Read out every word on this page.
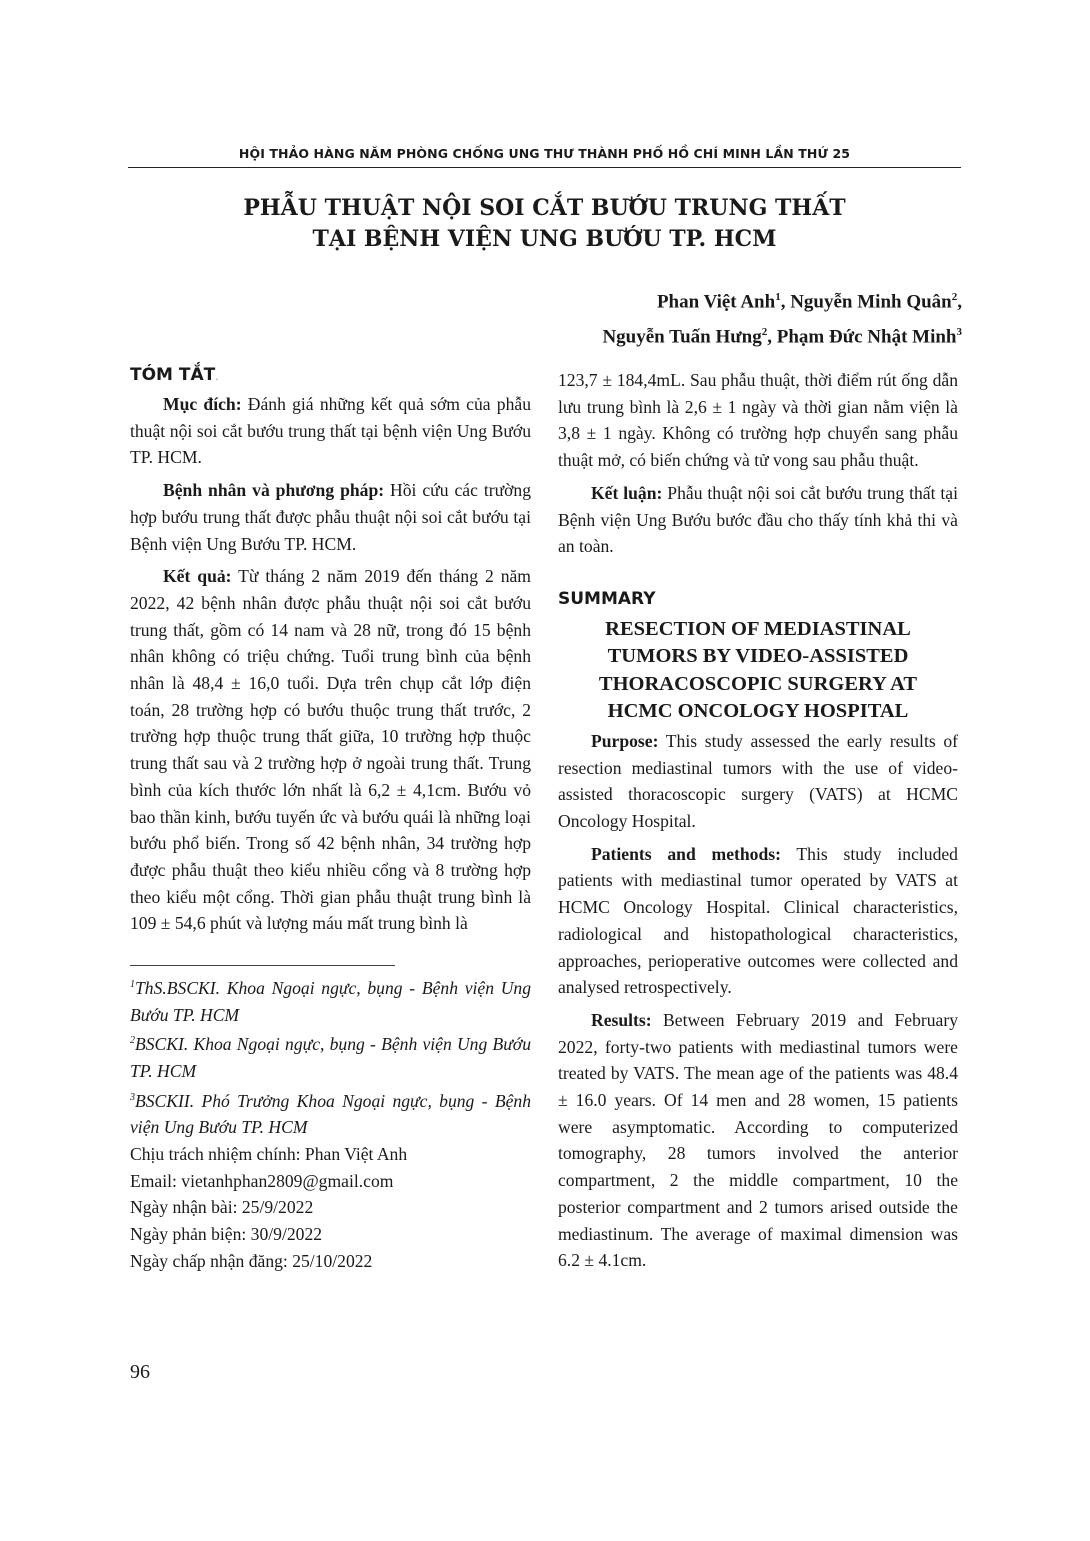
HỘI THẢO HÀNG NĂM PHÒNG CHỐNG UNG THƯ THÀNH PHỐ HỒ CHÍ MINH LẦN THỨ 25
PHẪU THUẬT NỘI SOI CẮT BƯỚU TRUNG THẤT
TẠI BỆNH VIỆN UNG BƯỚU TP. HCM
Phan Việt Anh$^1$, Nguyễn Minh Quân$^2$,
Nguyễn Tuấn Hưng$^2$, Phạm Đức Nhật Minh$^3$
TÓM TẮT.

Mục đích: Đánh giá những kết quả sớm của phẫu thuật nội soi cắt bướu trung thất tại bệnh viện Ung Bướu TP. HCM.

Bệnh nhân và phương pháp: Hồi cứu các trường hợp bướu trung thất được phẫu thuật nội soi cắt bướu tại Bệnh viện Ung Bướu TP. HCM.

Kết quả: Từ tháng 2 năm 2019 đến tháng 2 năm 2022, 42 bệnh nhân được phẫu thuật nội soi cắt bướu trung thất, gồm có 14 nam và 28 nữ, trong đó 15 bệnh nhân không có triệu chứng. Tuổi trung bình của bệnh nhân là 48,4 ± 16,0 tuổi. Dựa trên chụp cắt lớp điện toán, 28 trường hợp có bướu thuộc trung thất trước, 2 trường hợp thuộc trung thất giữa, 10 trường hợp thuộc trung thất sau và 2 trường hợp ở ngoài trung thất. Trung bình của kích thước lớn nhất là 6,2 ± 4,1cm. Bướu vỏ bao thần kinh, bướu tuyến ức và bướu quái là những loại bướu phổ biến. Trong số 42 bệnh nhân, 34 trường hợp được phẫu thuật theo kiểu nhiều cổng và 8 trường hợp theo kiểu một cổng. Thời gian phẫu thuật trung bình là 109 ± 54,6 phút và lượng máu mất trung bình là

$^1$ThS.BSCKI. Khoa Ngoại ngực, bụng - Bệnh viện Ung Bướu TP. HCM

$^2$BSCKI. Khoa Ngoại ngực, bụng - Bệnh viện Ung Bướu TP. HCM

$^3$BSCKII. Phó Trưởng Khoa Ngoại ngực, bụng - Bệnh viện Ung Bướu TP. HCM

Chịu trách nhiệm chính: Phan Việt Anh

Email: vietanhphan2809@gmail.com

Ngày nhận bài: 25/9/2022

Ngày phản biện: 30/9/2022

Ngày chấp nhận đăng: 25/10/2022

123,7 ± 184,4mL. Sau phẫu thuật, thời điểm rút ống dẫn lưu trung bình là 2,6 ± 1 ngày và thời gian nằm viện là 3,8 ± 1 ngày. Không có trường hợp chuyển sang phẫu thuật mở, có biến chứng và tử vong sau phẫu thuật.

Kết luận: Phẫu thuật nội soi cắt bướu trung thất tại Bệnh viện Ung Bướu bước đầu cho thấy tính khả thi và an toàn.

SUMMARY
RESECTION OF MEDIASTINAL
TUMORS BY VIDEO-ASSISTED
THORACOSCOPIC SURGERY AT
HCMC ONCOLOGY HOSPITAL

Purpose: This study assessed the early results of resection mediastinal tumors with the use of video-assisted thoracoscopic surgery (VATS) at HCMC Oncology Hospital.

Patients and methods: This study included patients with mediastinal tumor operated by VATS at HCMC Oncology Hospital. Clinical characteristics, radiological and histopathological characteristics, approaches, perioperative outcomes were collected and analysed retrospectively.

Results: Between February 2019 and February 2022, forty-two patients with mediastinal tumors were treated by VATS. The mean age of the patients was 48.4 ± 16.0 years. Of 14 men and 28 women, 15 patients were asymptomatic. According to computerized tomography, 28 tumors involved the anterior compartment, 2 the middle compartment, 10 the posterior compartment and 2 tumors arised outside the mediastinum. The average of maximal dimension was 6.2 ± 4.1cm.

96
